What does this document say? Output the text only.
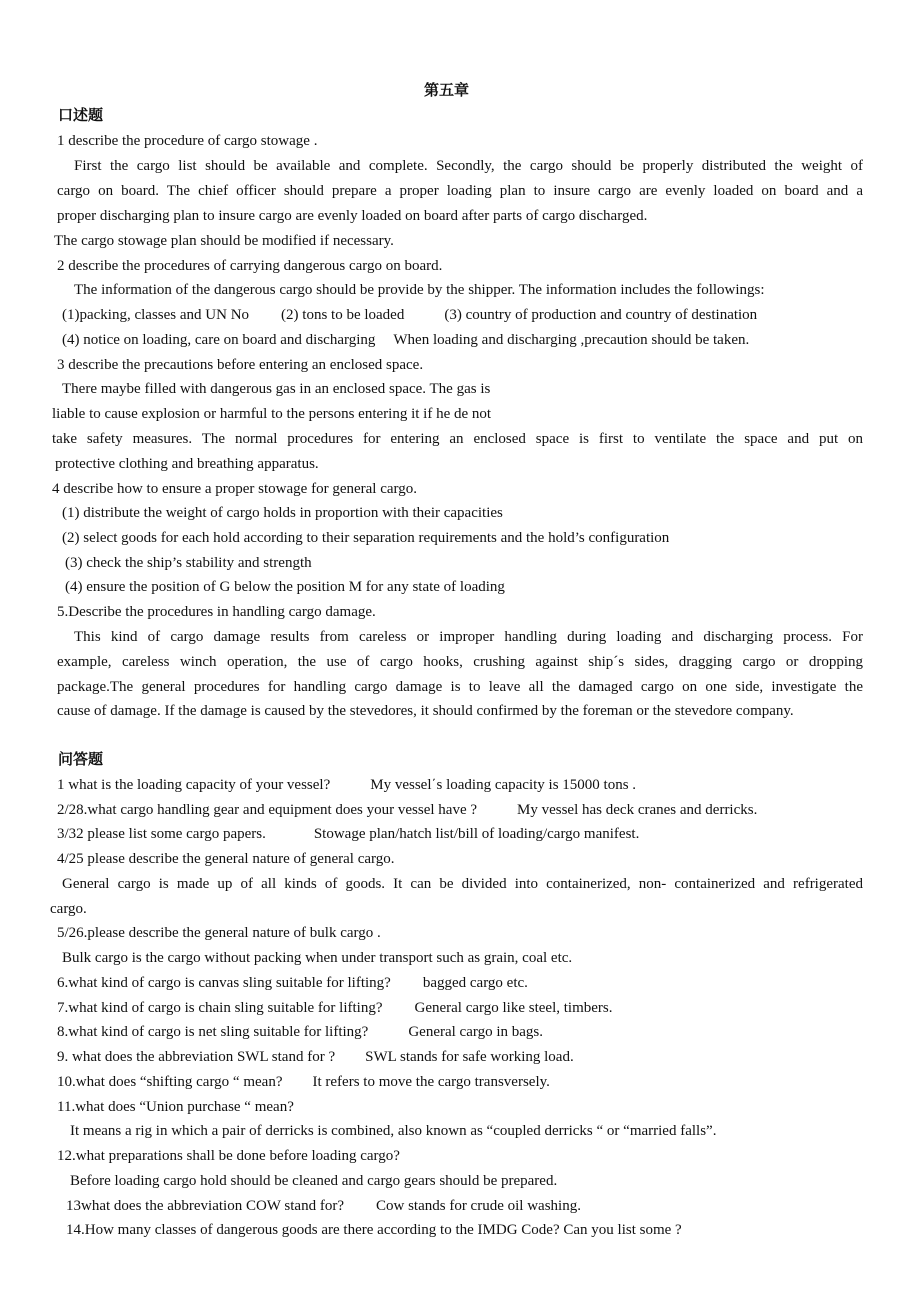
第五章
口述题
1 describe the procedure of cargo stowage .
First the cargo list should be available and complete. Secondly, the cargo should be properly distributed the weight of
cargo on board. The chief officer should prepare a proper loading plan to insure cargo are evenly loaded on board and a
proper discharging plan to insure cargo are evenly loaded on board after parts of cargo discharged.
The cargo stowage plan should be modified if necessary.
2 describe the procedures of carrying dangerous cargo on board.
The information of the dangerous cargo should be provide by the shipper. The information includes the followings:
(1)packing, classes and UN No (2) tons to be loaded	(3) country of production and country of destination
(4) notice on loading, care on board and discharging When loading and discharging ,precaution should be taken.
3 describe the precautions before entering an enclosed space.
There maybe filled with dangerous gas in an enclosed space. The gas is
liable to cause explosion or harmful to the persons entering it if he de not
take safety measures. The normal procedures for entering an enclosed space is first to ventilate the space and put on
protective clothing and breathing apparatus.
4 describe how to ensure a proper stowage for general cargo.
(1) distribute the weight of cargo holds in proportion with their capacities
(2) select goods for each hold according to their separation requirements and the hold’s configuration
(3) check the ship’s stability and strength
(4) ensure the position of G below the position M for any state of loading
5.Describe the procedures in handling cargo damage.
This kind of cargo damage results from careless or improper handling during loading and discharging process. For
example, careless winch operation, the use of cargo hooks, crushing against ship´s sides, dragging cargo or dropping
package.The general procedures for handling cargo damage is to leave all the damaged cargo on one side, investigate the
cause of damage. If the damage is caused by the stevedores, it should confirmed by the foreman or the stevedore company.
问答题
1 what is the loading capacity of your vessel?	My vessel΄s loading capacity is 15000 tons .
2/28.what cargo handling gear and equipment does your vessel have ?	My vessel has deck cranes and derricks.
3/32 please list some cargo papers.	Stowage plan/hatch list/bill of loading/cargo manifest.
4/25 please describe the general nature of general cargo.
General cargo is made up of all kinds of goods. It can be divided into containerized, non- containerized and refrigerated
cargo.
5/26.please describe the general nature of bulk cargo .
Bulk cargo is the cargo without packing when under transport such as grain, coal etc.
6.what kind of cargo is canvas sling suitable for lifting? bagged cargo etc.
7.what kind of cargo is chain sling suitable for lifting? General cargo like steel, timbers.
8.what kind of cargo is net sling suitable for lifting?	General cargo in bags.
9. what does the abbreviation SWL stand for ? SWL stands for safe working load.
10.what does “shifting cargo “ mean? It refers to move the cargo transversely.
11.what does “Union purchase “ mean?
It means a rig in which a pair of derricks is combined, also known as “coupled derricks “ or “married falls”.
12.what preparations shall be done before loading cargo?
Before loading cargo hold should be cleaned and cargo gears should be prepared.
13what does the abbreviation COW stand for? Cow stands for crude oil washing.
14.How many classes of dangerous goods are there according to the IMDG Code? Can you list some ?
